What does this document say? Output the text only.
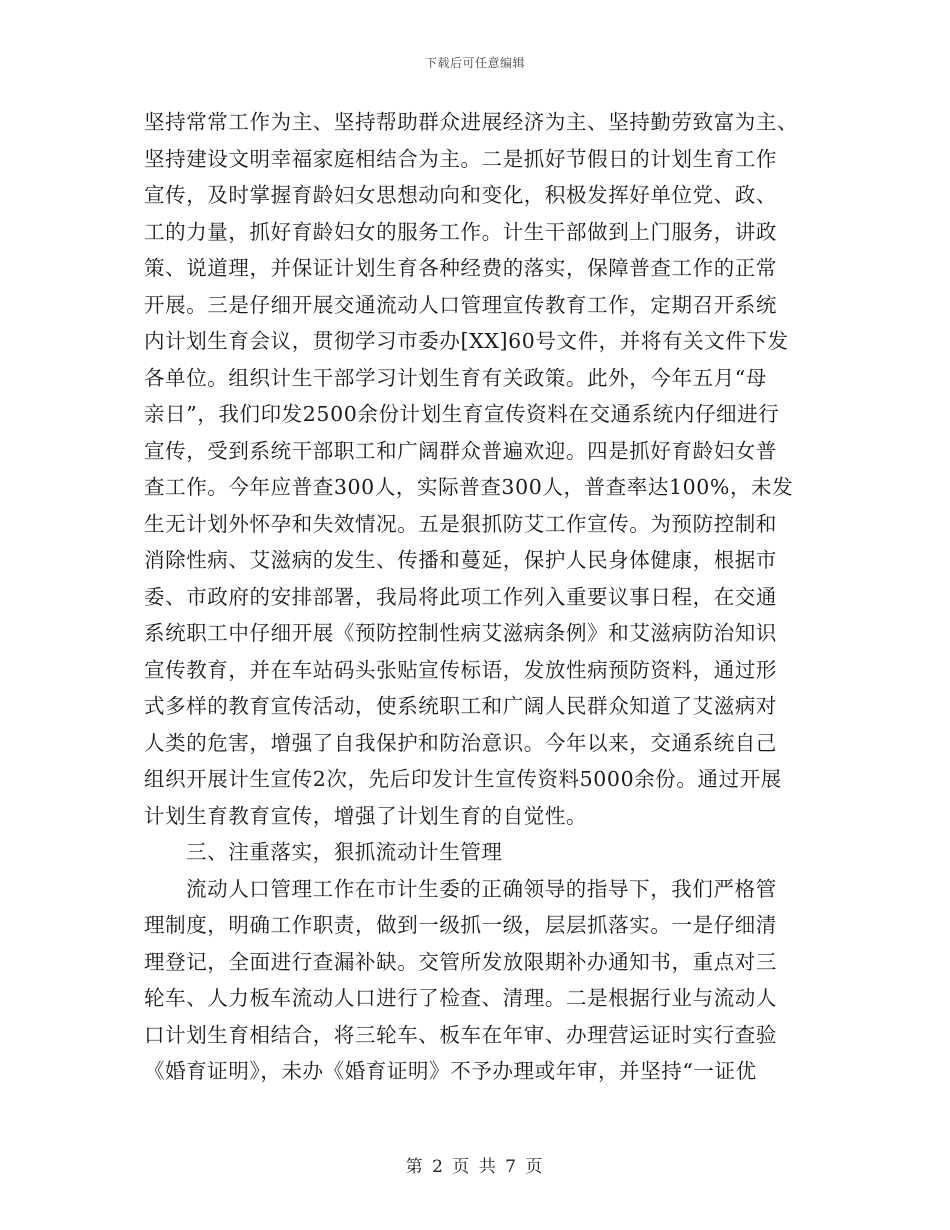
下载后可任意编辑
坚持常常工作为主、坚持帮助群众进展经济为主、坚持勤劳致富为主、
坚持建设文明幸福家庭相结合为主。二是抓好节假日的计划生育工作
宣传，及时掌握育龄妇女思想动向和变化，积极发挥好单位党、政、
工的力量，抓好育龄妇女的服务工作。计生干部做到上门服务，讲政
策、说道理，并保证计划生育各种经费的落实，保障普查工作的正常
开展。三是仔细开展交通流动人口管理宣传教育工作，定期召开系统
内计划生育会议，贯彻学习市委办[XX]60号文件，并将有关文件下发
各单位。组织计生干部学习计划生育有关政策。此外，今年五月“母
亲日”，我们印发2500余份计划生育宣传资料在交通系统内仔细进行
宣传，受到系统干部职工和广阔群众普遍欢迎。四是抓好育龄妇女普
查工作。今年应普查300人，实际普查300人，普查率达100%，未发
生无计划外怀孕和失效情况。五是狠抓防艾工作宣传。为预防控制和
消除性病、艾滋病的发生、传播和蔓延，保护人民身体健康，根据市
委、市政府的安排部署，我局将此项工作列入重要议事日程，在交通
系统职工中仔细开展《预防控制性病艾滋病条例》和艾滋病防治知识
宣传教育，并在车站码头张贴宣传标语，发放性病预防资料，通过形
式多样的教育宣传活动，使系统职工和广阔人民群众知道了艾滋病对
人类的危害，增强了自我保护和防治意识。今年以来，交通系统自己
组织开展计生宣传2次，先后印发计生宣传资料5000余份。通过开展
计划生育教育宣传，增强了计划生育的自觉性。
三、注重落实，狠抓流动计生管理
流动人口管理工作在市计生委的正确领导的指导下，我们严格管
理制度，明确工作职责，做到一级抓一级，层层抓落实。一是仔细清
理登记，全面进行查漏补缺。交管所发放限期补办通知书，重点对三
轮车、人力板车流动人口进行了检查、清理。二是根据行业与流动人
口计划生育相结合，将三轮车、板车在年审、办理营运证时实行查验
《婚育证明》，未办《婚育证明》不予办理或年审，并坚持“一证优
第 2 页 共 7 页
